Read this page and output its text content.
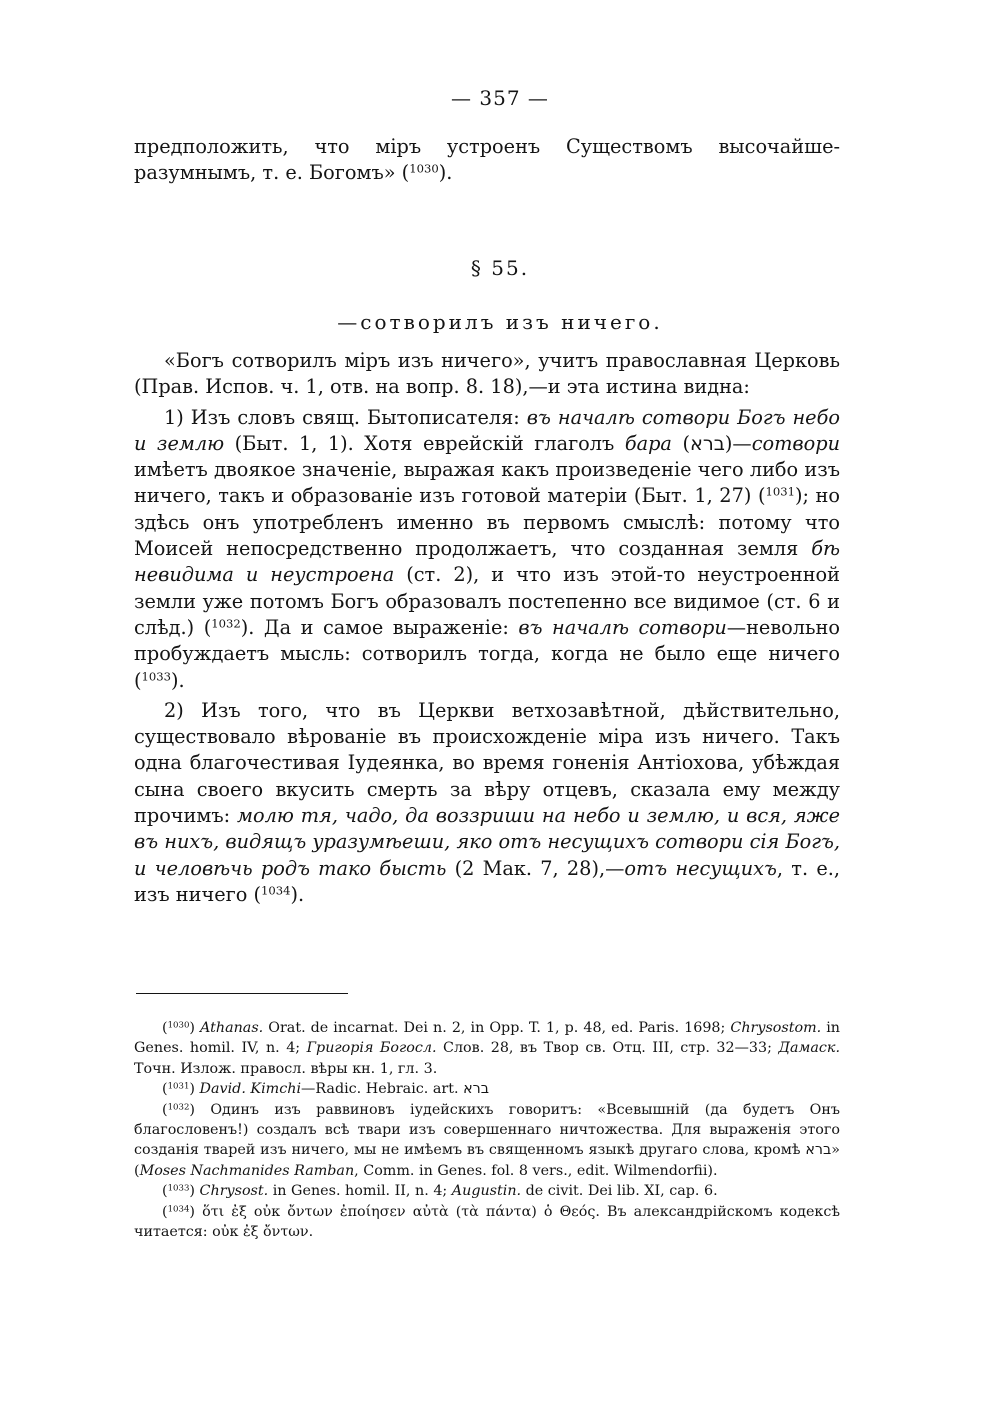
— 357 —

предположить, что міръ устроенъ Существомъ высочайше-разумнымъ, т. е. Богомъ» ($^{1030}$).

§ 55.
—сотворилъ изъ ничего.

«Богъ сотворилъ міръ изъ ничего», учитъ православная Церковь (Прав. Испов. ч. 1, отв. на вопр. 8. 18),—и эта истина видна:

1) Изъ словъ свящ. Бытописателя: въ началѣ сотвори Богъ небо и землю (Быт. 1, 1). Хотя еврейскій глаголъ бара (ברא)—сотвори имѣетъ двоякое значеніе, выражая какъ произведеніе чего либо изъ ничего, такъ и образованіе изъ готовой матеріи (Быт. 1, 27) ($^{1031}$); но здѣсь онъ употребленъ именно въ первомъ смыслѣ: потому что Моисей непосредственно продолжаетъ, что созданная земля бѣ невидима и неустроена (ст. 2), и что изъ этой-то неустроенной земли уже потомъ Богъ образовалъ постепенно все видимое (ст. 6 и слѣд.) ($^{1032}$). Да и самое выраженіе: въ началѣ сотвори—невольно пробуждаетъ мысль: сотворилъ тогда, когда не было еще ничего ($^{1033}$).

2) Изъ того, что въ Церкви ветхозавѣтной, дѣйствительно, существовало вѣрованіе въ происхожденіе міра изъ ничего. Такъ одна благочестивая Іудеянка, во время гоненія Антіохова, убѣждая сына своего вкусить смерть за вѣру отцевъ, сказала ему между прочимъ: молю тя, чадо, да воззриши на небо и землю, и вся, яже въ нихъ, видящъ уразумѣеши, яко отъ несущихъ сотвори сія Богъ, и человѣчь родъ тако бысть (2 Мак. 7, 28),—отъ несущихъ, т. е., изъ ничего ($^{1034}$).

($^{1030}$) Athanas. Orat. de incarnat. Dei n. 2, in Opp. T. 1, p. 48, ed. Paris. 1698; Chrysostom. in Genes. homil. IV, n. 4; Григорія Богосл. Слов. 28, въ Твор св. Отц. III, стр. 32—33; Дамаск. Точн. Излож. правосл. вѣры кн. 1, гл. 3.

($^{1031}$) David. Kimchi—Radic. Hebraic. art. ברא

($^{1032}$) Одинъ изъ раввиновъ іудейскихъ говоритъ: «Всевышній (да будетъ Онъ благословенъ!) создалъ всѣ твари изъ совершеннаго ничтожества. Для выраженія этого созданія тварей изъ ничего, мы не имѣемъ въ священномъ языкѣ другаго слова, кромѣ ברא» (Moses Nachmanides Ramban, Comm. in Genes. fol. 8 vers., edit. Wilmendorfii).

($^{1033}$) Chrysost. in Genes. homil. II, n. 4; Augustin. de civit. Dei lib. XI, cap. 6.

($^{1034}$) ὅτι ἐξ οὐκ ὄντων ἐποίησεν αὐτὰ (τὰ πάντα) ὁ Θεός. Въ александрійскомъ кодексѣ читается: οὐκ ἐξ ὄντων.
